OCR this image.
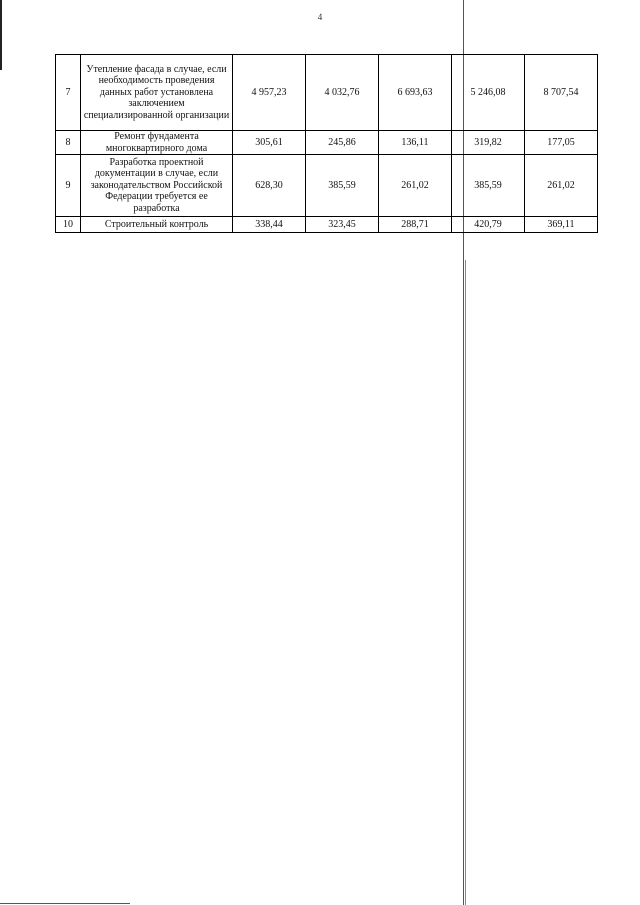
4
7	Утепление фасада в случае, если необходимость проведения данных работ установлена заключением специализированной организации	4 957,23	4 032,76	6 693,63	5 246,08	8 707,54
8	Ремонт фундамента многоквартирного дома	305,61	245,86	136,11	319,82	177,05
9	Разработка проектной документации в случае, если законодательством Российской Федерации требуется ее разработка	628,30	385,59	261,02	385,59	261,02
10	Строительный контроль	338,44	323,45	288,71	420,79	369,11
